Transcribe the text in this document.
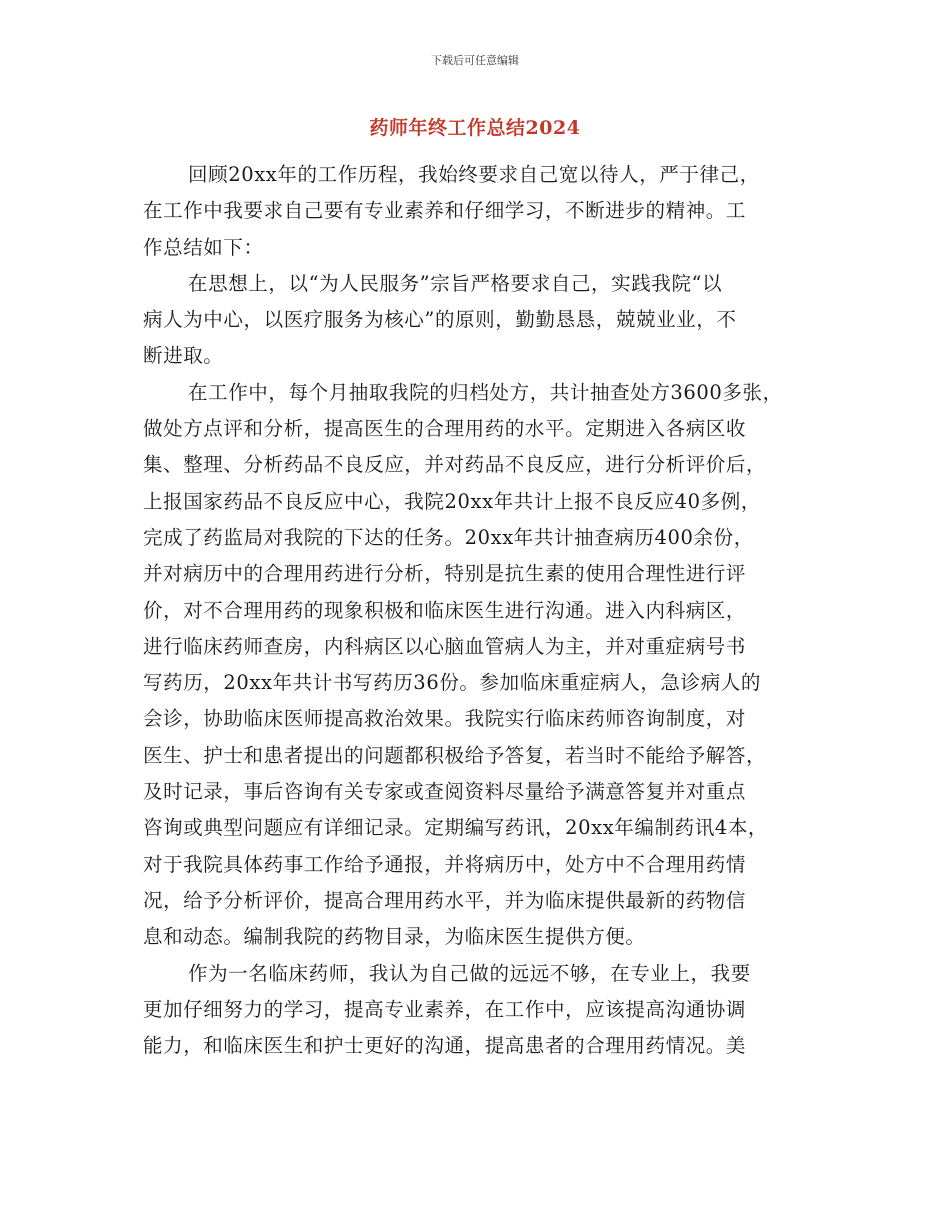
下载后可任意编辑
药师年终工作总结2024
回顾20xx年的工作历程，我始终要求自己宽以待人，严于律己，
在工作中我要求自己要有专业素养和仔细学习，不断进步的精神。工
作总结如下：
在思想上，以“为人民服务”宗旨严格要求自己，实践我院“以
病人为中心，以医疗服务为核心”的原则，勤勤恳恳，兢兢业业，不
断进取。
在工作中，每个月抽取我院的归档处方，共计抽查处方3600多张，
做处方点评和分析，提高医生的合理用药的水平。定期进入各病区收
集、整理、分析药品不良反应，并对药品不良反应，进行分析评价后，
上报国家药品不良反应中心，我院20xx年共计上报不良反应40多例，
完成了药监局对我院的下达的任务。20xx年共计抽查病历400余份，
并对病历中的合理用药进行分析，特别是抗生素的使用合理性进行评
价，对不合理用药的现象积极和临床医生进行沟通。进入内科病区，
进行临床药师查房，内科病区以心脑血管病人为主，并对重症病号书
写药历，20xx年共计书写药历36份。参加临床重症病人，急诊病人的
会诊，协助临床医师提高救治效果。我院实行临床药师咨询制度，对
医生、护士和患者提出的问题都积极给予答复，若当时不能给予解答，
及时记录，事后咨询有关专家或查阅资料尽量给予满意答复并对重点
咨询或典型问题应有详细记录。定期编写药讯，20xx年编制药讯4本，
对于我院具体药事工作给予通报，并将病历中，处方中不合理用药情
况，给予分析评价，提高合理用药水平，并为临床提供最新的药物信
息和动态。编制我院的药物目录，为临床医生提供方便。
作为一名临床药师，我认为自己做的远远不够，在专业上，我要
更加仔细努力的学习，提高专业素养，在工作中，应该提高沟通协调
能力，和临床医生和护士更好的沟通，提高患者的合理用药情况。美
